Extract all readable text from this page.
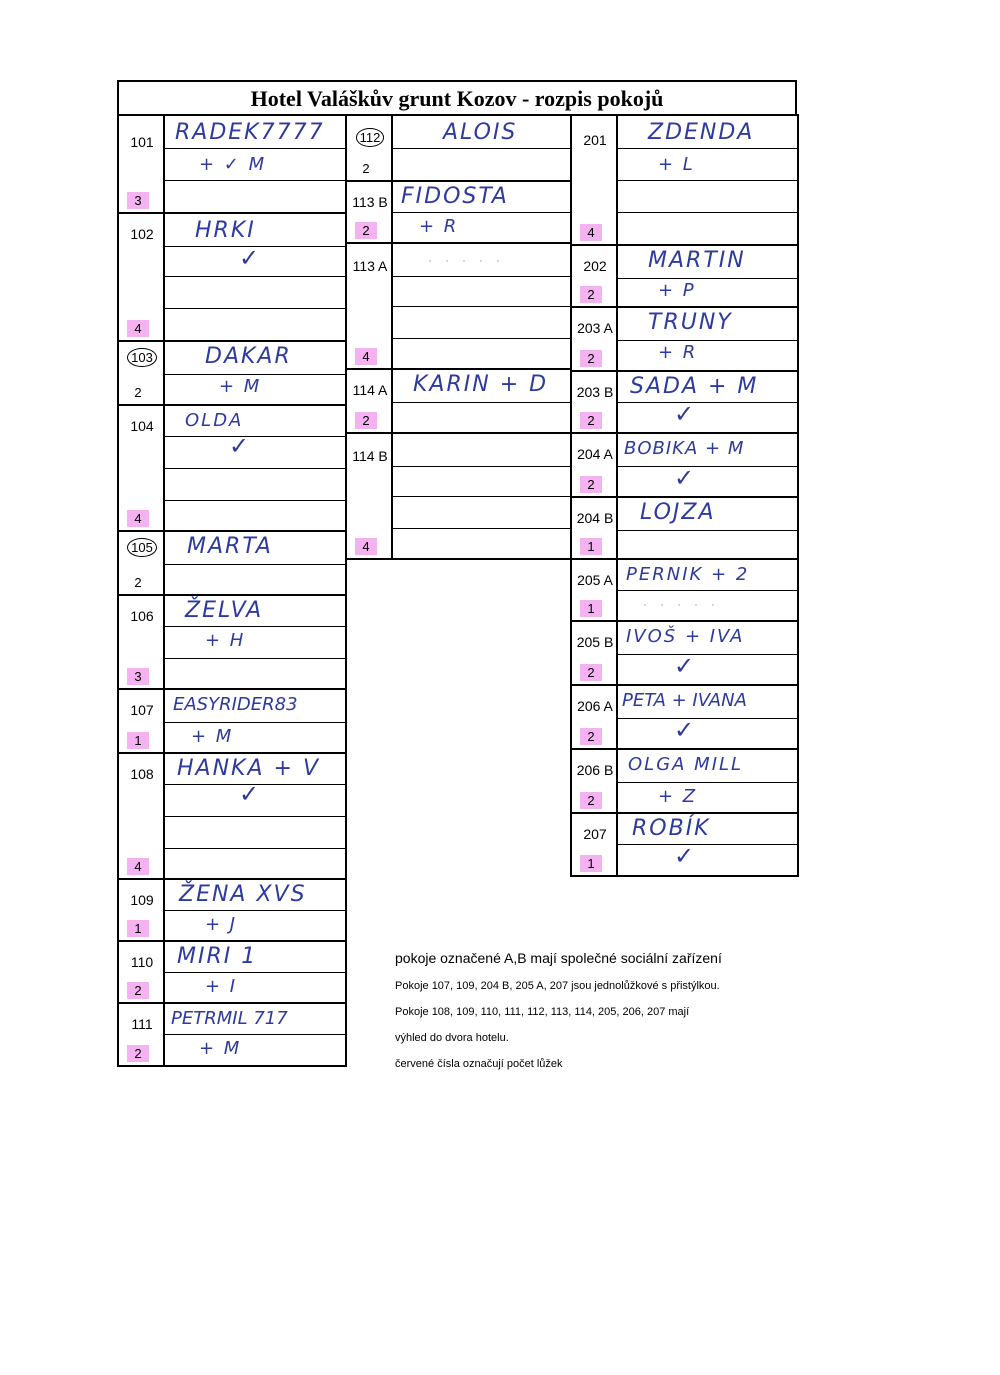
Hotel Valáškův grunt Kozov - rozpis pokojů
101
3
RADEK7777
+ ✓ M
102
4
HRKI
✓
103
2
DAKAR
+ M
104
4
OLDA
✓
105
2
MARTA
106
3
ŽELVA
+ H
107
1
EASYRIDER83
+ M
108
4
HANKA + V
✓
109
1
ŽENA XVS
+ J
110
2
MIRI 1
+ I
111
2
PETRMIL 717
+ M
112
2
ALOIS
113 B
2
FIDOSTA
+ R
113 A
4
· · · · ·
114 A
2
KARIN + D
114 B
4
201
4
ZDENDA
+ L
202
2
MARTIN
+ P
203 A
2
TRUNY
+ R
203 B
2
SADA + M
✓
204 A
2
BOBIKA + M
✓
204 B
1
LOJZA
205 A
1
PERNIK + 2
· · · · ·
205 B
2
IVOŠ + IVA
✓
206 A
2
PETA + IVANA
✓
206 B
2
OLGA MILL
+ Z
207
1
ROBÍK
✓
pokoje označené A,B mají společné sociální zařízení
Pokoje 107, 109, 204 B, 205 A, 207 jsou jednolůžkové s přistýlkou.
Pokoje 108, 109, 110, 111, 112, 113, 114, 205, 206, 207 mají
výhled do dvora hotelu.
červené čísla označují počet lůžek
